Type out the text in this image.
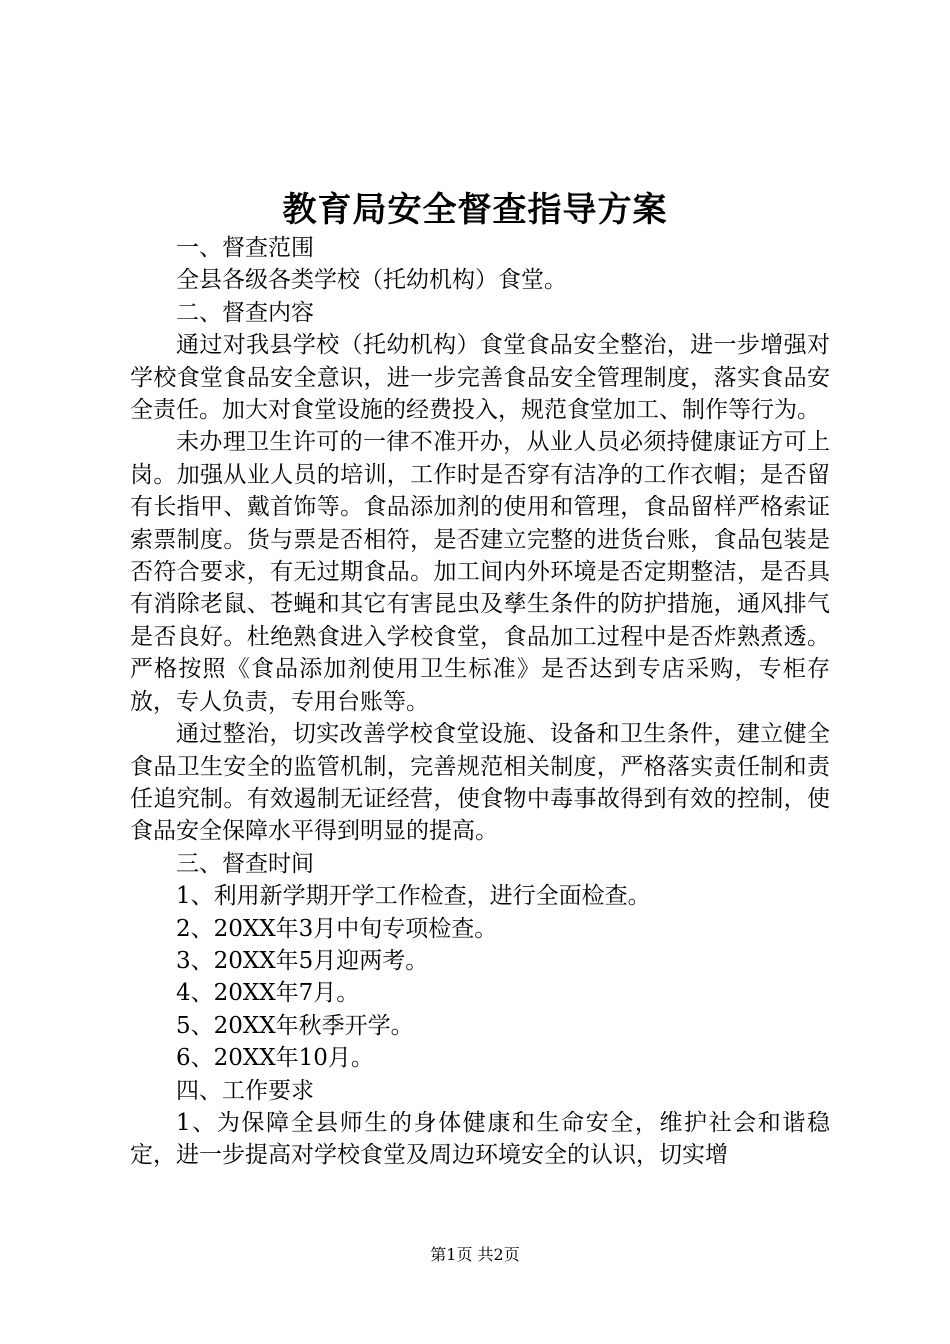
教育局安全督查指导方案

一、督查范围

全县各级各类学校（托幼机构）食堂。

二、督查内容

通过对我县学校（托幼机构）食堂食品安全整治，进一步增强对学校食堂食品安全意识，进一步完善食品安全管理制度，落实食品安全责任。加大对食堂设施的经费投入，规范食堂加工、制作等行为。

未办理卫生许可的一律不准开办，从业人员必须持健康证方可上岗。加强从业人员的培训，工作时是否穿有洁净的工作衣帽；是否留有长指甲、戴首饰等。食品添加剂的使用和管理，食品留样严格索证索票制度。货与票是否相符，是否建立完整的进货台账，食品包装是否符合要求，有无过期食品。加工间内外环境是否定期整洁，是否具有消除老鼠、苍蝇和其它有害昆虫及孳生条件的防护措施，通风排气是否良好。杜绝熟食进入学校食堂，食品加工过程中是否炸熟煮透。严格按照《食品添加剂使用卫生标准》是否达到专店采购，专柜存放，专人负责，专用台账等。

通过整治，切实改善学校食堂设施、设备和卫生条件，建立健全食品卫生安全的监管机制，完善规范相关制度，严格落实责任制和责任追究制。有效遏制无证经营，使食物中毒事故得到有效的控制，使食品安全保障水平得到明显的提高。

三、督查时间

1、利用新学期开学工作检查，进行全面检查。

2、20XX年3月中旬专项检查。

3、20XX年5月迎两考。

4、20XX年7月。

5、20XX年秋季开学。

6、20XX年10月。

四、工作要求

1、为保障全县师生的身体健康和生命安全，维护社会和谐稳定，进一步提高对学校食堂及周边环境安全的认识，切实增

第1页 共2页
